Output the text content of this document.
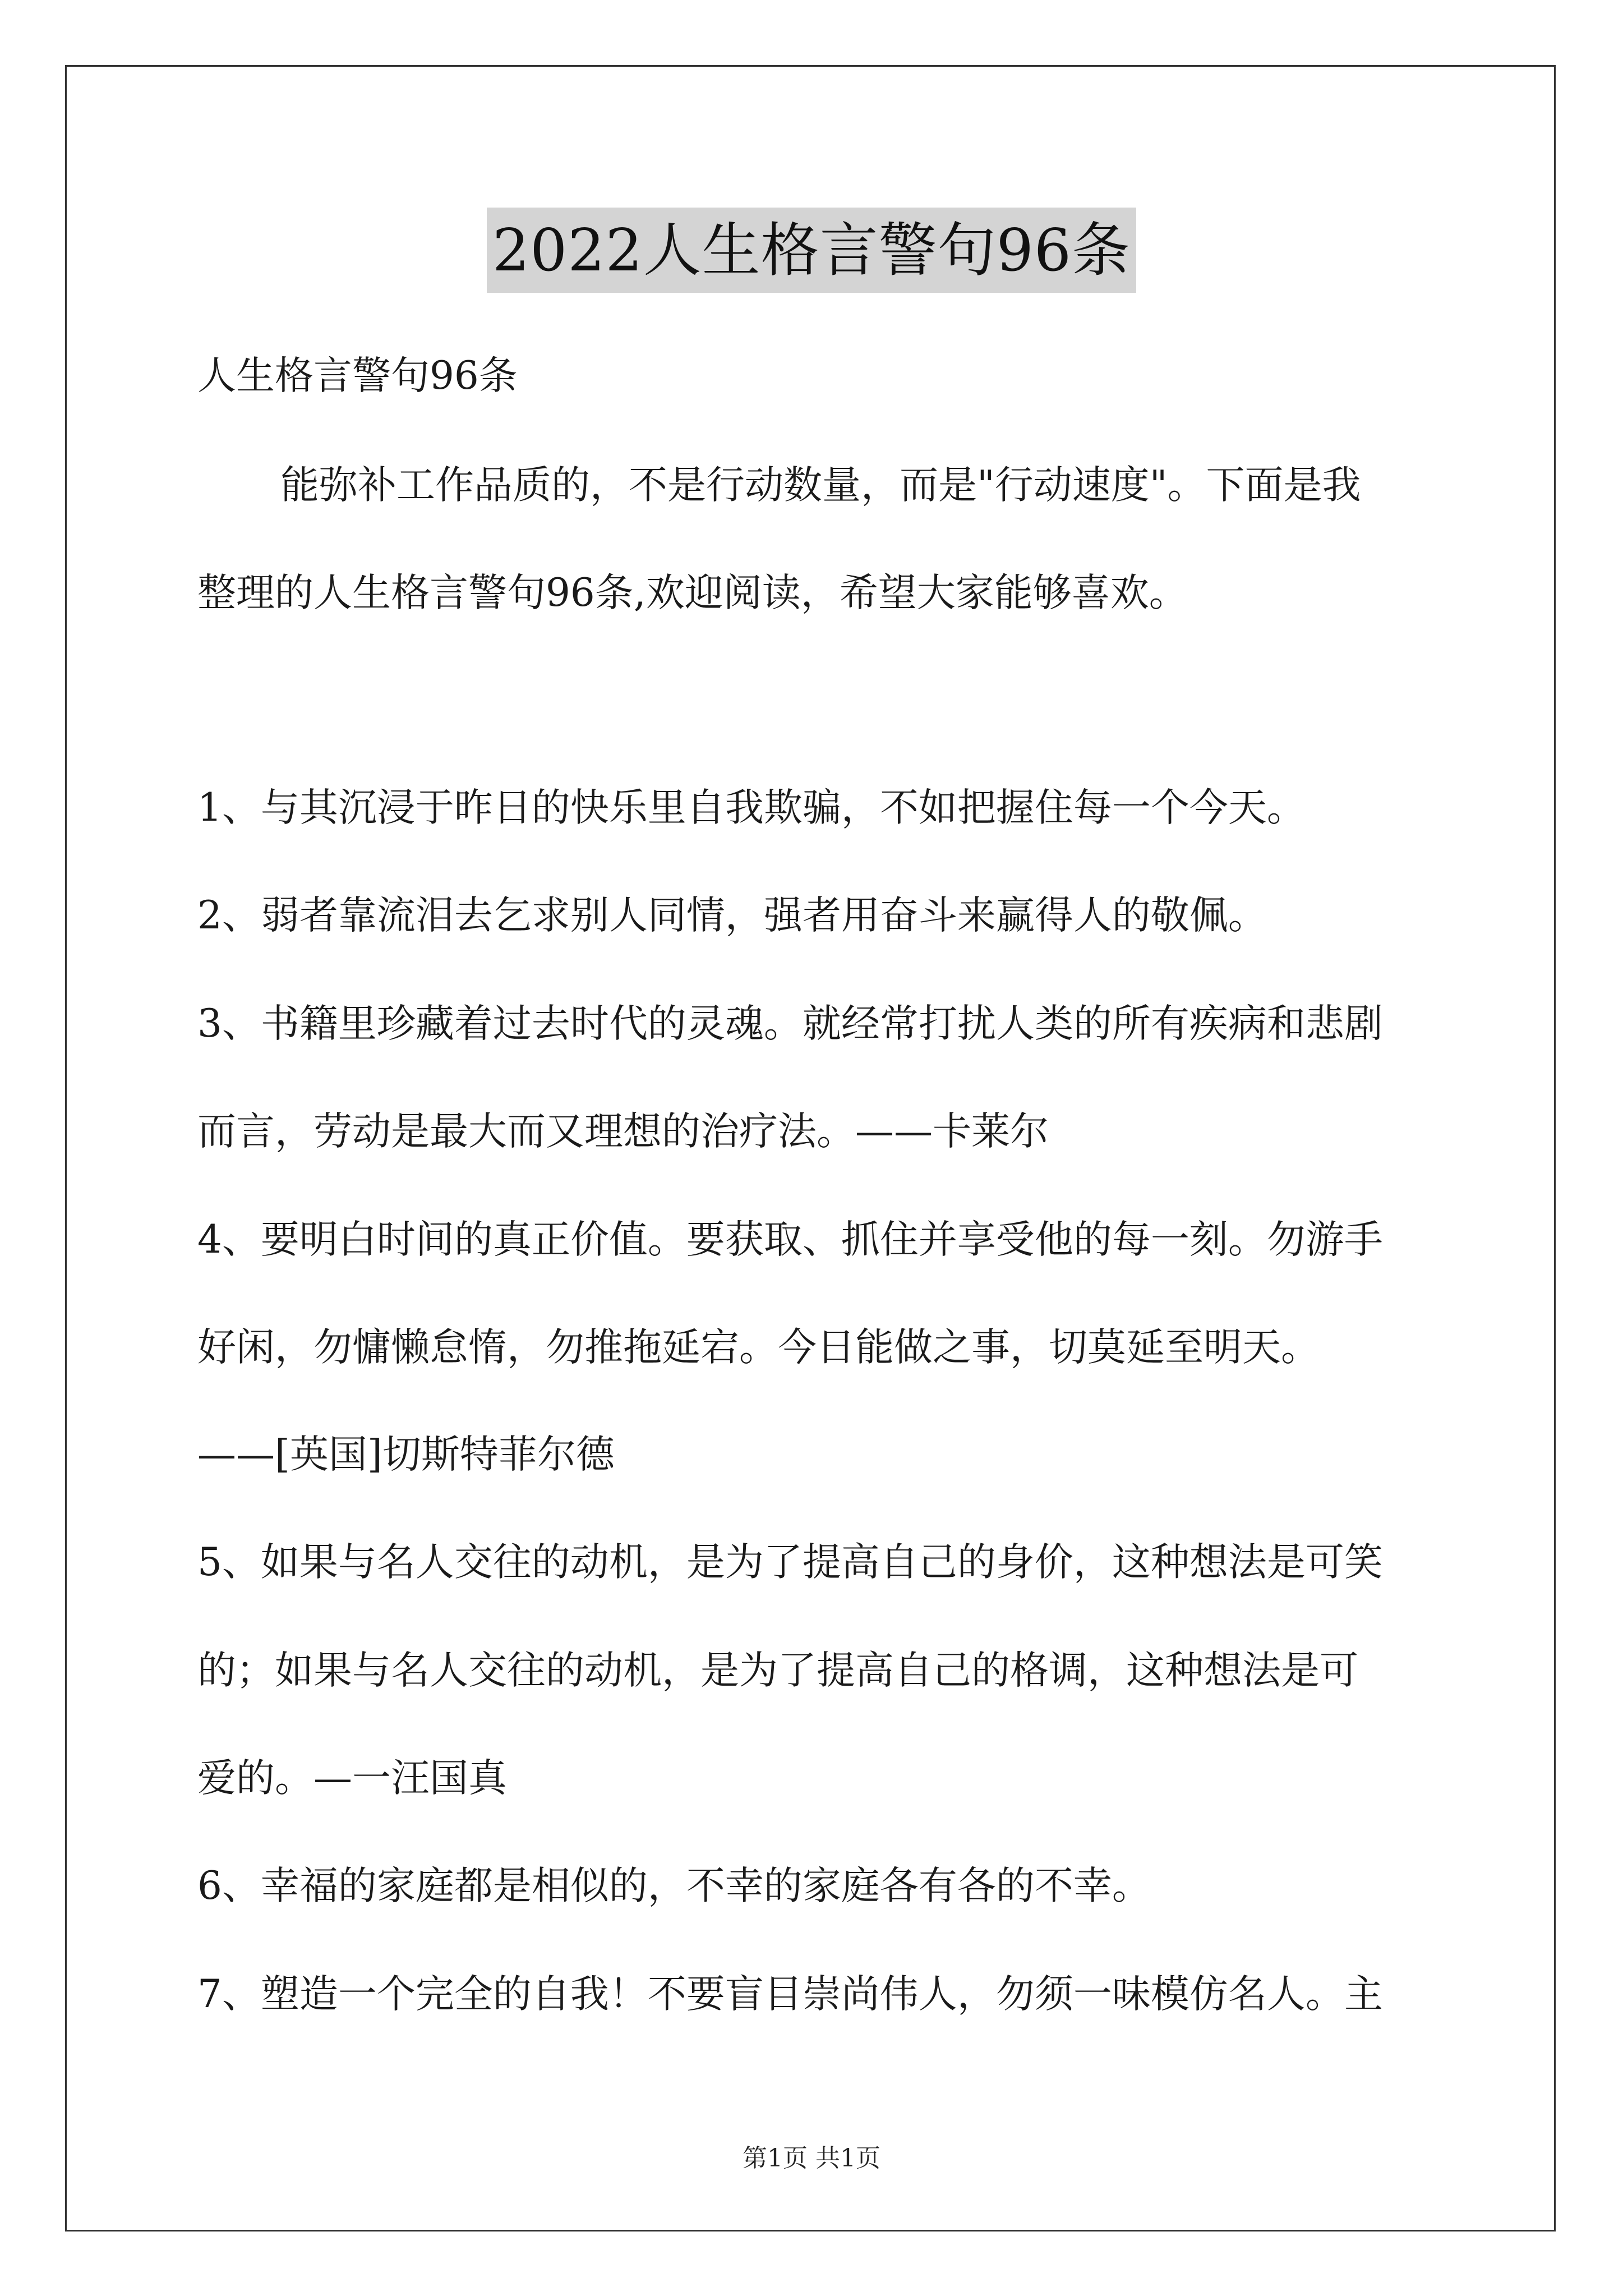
2022人生格言警句96条
人生格言警句96条
能弥补工作品质的，不是行动数量，而是"行动速度"。下面是我
整理的人生格言警句96条,欢迎阅读，希望大家能够喜欢。
1、与其沉浸于昨日的快乐里自我欺骗，不如把握住每一个今天。
2、弱者靠流泪去乞求别人同情，强者用奋斗来赢得人的敬佩。
3、书籍里珍藏着过去时代的灵魂。就经常打扰人类的所有疾病和悲剧
而言，劳动是最大而又理想的治疗法。——卡莱尔
4、要明白时间的真正价值。要获取、抓住并享受他的每一刻。勿游手
好闲，勿慵懒怠惰，勿推拖延宕。今日能做之事，切莫延至明天。
——[英国]切斯特菲尔德
5、如果与名人交往的动机，是为了提高自己的身价，这种想法是可笑
的；如果与名人交往的动机，是为了提高自己的格调，这种想法是可
爱的。—一汪国真
6、幸福的家庭都是相似的，不幸的家庭各有各的不幸。
7、塑造一个完全的自我！不要盲目崇尚伟人，勿须一味模仿名人。主
第1页 共1页
